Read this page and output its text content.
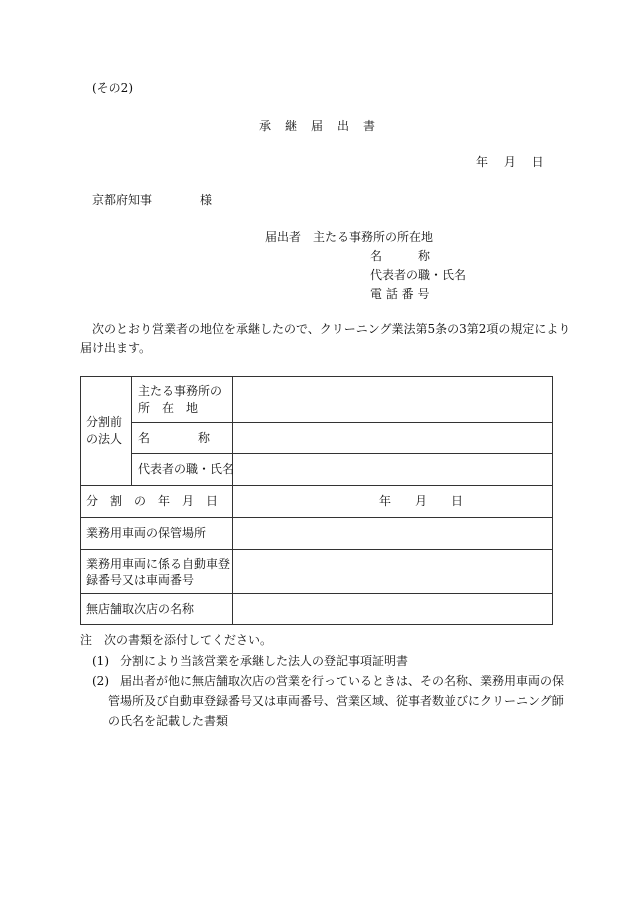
(その2)
承　継　届　出　書
年　 月　 日
京都府知事　　　　様
届出者 主たる事務所の所在地
名　　　称
代表者の職・氏名
電 話 番 号
次のとおり営業者の地位を承継したので、クリーニング業法第5条の3第2項の規定により
届け出ます。
分割前
の法人
主たる事務所の
所　在　地
名　　　　称
代表者の職・氏名
分　割　の　年　月　日	年　　月　　日
業務用車両の保管場所
業務用車両に係る自動車登
録番号又は車両番号
無店舗取次店の名称
注　次の書類を添付してください。
(1) 分割により当該営業を承継した法人の登記事項証明書
(2) 届出者が他に無店舗取次店の営業を行っているときは、その名称、業務用車両の保
管場所及び自動車登録番号又は車両番号、営業区域、従事者数並びにクリーニング師
の氏名を記載した書類
